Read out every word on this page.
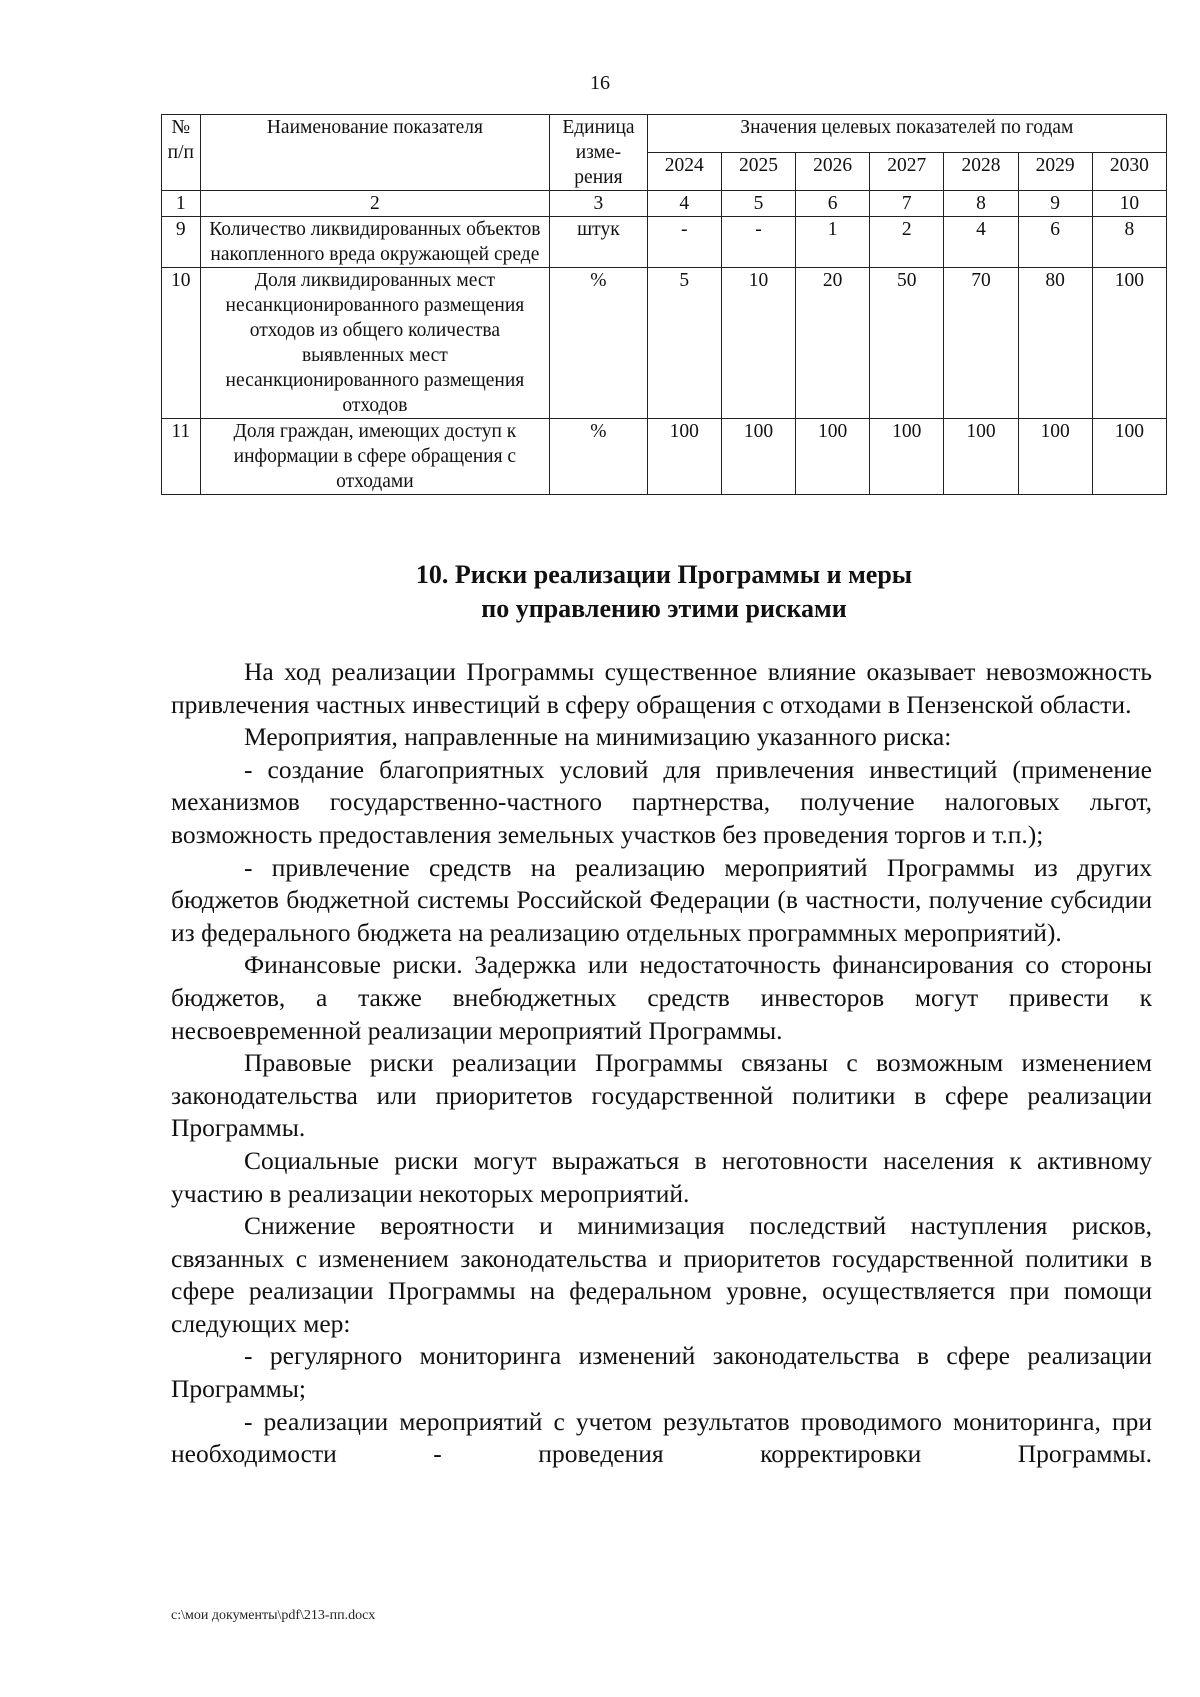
16
№ п/п	Наименование показателя	Единица изме-рения	Значения целевых показателей по годам						
			2024	2025	2026	2027	2028	2029	2030
1	2	3	4	5	6	7	8	9	10
9	Количество ликвидированных объектов накопленного вреда окружающей среде	штук	-	-	1	2	4	6	8
10	Доля ликвидированных мест несанкционированного размещения отходов из общего количества выявленных мест несанкционированного размещения отходов	%	5	10	20	50	70	80	100
11	Доля граждан, имеющих доступ к информации в сфере обращения с отходами	%	100	100	100	100	100	100	100
10. Риски реализации Программы и меры
по управлению этими рисками

На ход реализации Программы существенное влияние оказывает невозможность привлечения частных инвестиций в сферу обращения с отходами в Пензенской области.

Мероприятия, направленные на минимизацию указанного риска:

- создание благоприятных условий для привлечения инвестиций (применение механизмов государственно-частного партнерства, получение налоговых льгот, возможность предоставления земельных участков без проведения торгов и т.п.);

- привлечение средств на реализацию мероприятий Программы из других бюджетов бюджетной системы Российской Федерации (в частности, получение субсидии из федерального бюджета на реализацию отдельных программных мероприятий).

Финансовые риски. Задержка или недостаточность финансирования со стороны бюджетов, а также внебюджетных средств инвесторов могут привести к несвоевременной реализации мероприятий Программы.

Правовые риски реализации Программы связаны с возможным изменением законодательства или приоритетов государственной политики в сфере реализации Программы.

Социальные риски могут выражаться в неготовности населения к активному участию в реализации некоторых мероприятий.

Снижение вероятности и минимизация последствий наступления рисков, связанных с изменением законодательства и приоритетов государственной политики в сфере реализации Программы на федеральном уровне, осуществляется при помощи следующих мер:

- регулярного мониторинга изменений законодательства в сфере реализации Программы;

- реализации мероприятий с учетом результатов проводимого мониторинга, при необходимости - проведения корректировки Программы.

c:\мои документы\pdf\213-пп.docx
